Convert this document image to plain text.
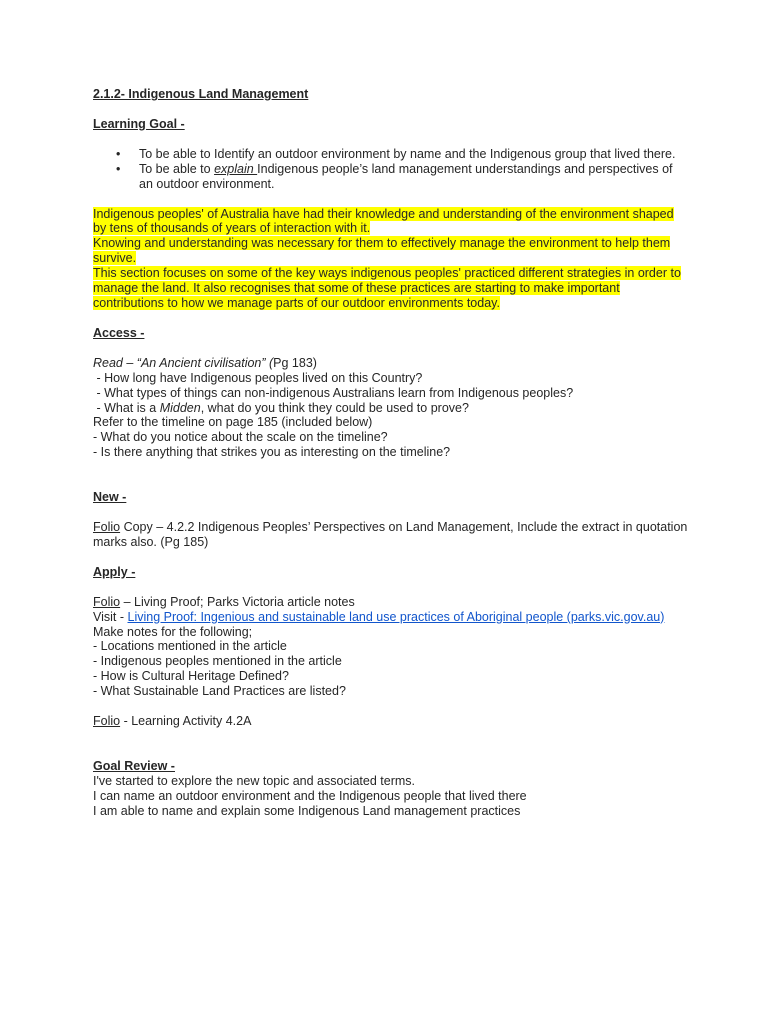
2.1.2- Indigenous Land Management

Learning Goal -

• To be able to Identify an outdoor environment by name and the Indigenous group that lived there.
• To be able to explain Indigenous people’s land management understandings and perspectives of an outdoor environment.

Indigenous peoples' of Australia have had their knowledge and understanding of the environment shaped by tens of thousands of years of interaction with it.

Knowing and understanding was necessary for them to effectively manage the environment to help them survive.

This section focuses on some of the key ways indigenous peoples' practiced different strategies in order to manage the land. It also recognises that some of these practices are starting to make important contributions to how we manage parts of our outdoor environments today.

Access -

Read – “An Ancient civilisation” (Pg 183)

- How long have Indigenous peoples lived on this Country?

- What types of things can non-indigenous Australians learn from Indigenous peoples?

- What is a Midden, what do you think they could be used to prove?

Refer to the timeline on page 185 (included below)

- What do you notice about the scale on the timeline?

- Is there anything that strikes you as interesting on the timeline?

New -

Folio Copy – 4.2.2 Indigenous Peoples’ Perspectives on Land Management, Include the extract in quotation marks also. (Pg 185)

Apply -

Folio – Living Proof; Parks Victoria article notes

Visit - Living Proof: Ingenious and sustainable land use practices of Aboriginal people (parks.vic.gov.au)

Make notes for the following;

- Locations mentioned in the article

- Indigenous peoples mentioned in the article

- How is Cultural Heritage Defined?

- What Sustainable Land Practices are listed?

Folio - Learning Activity 4.2A

Goal Review -

I've started to explore the new topic and associated terms.

I can name an outdoor environment and the Indigenous people that lived there

I am able to name and explain some Indigenous Land management practices
